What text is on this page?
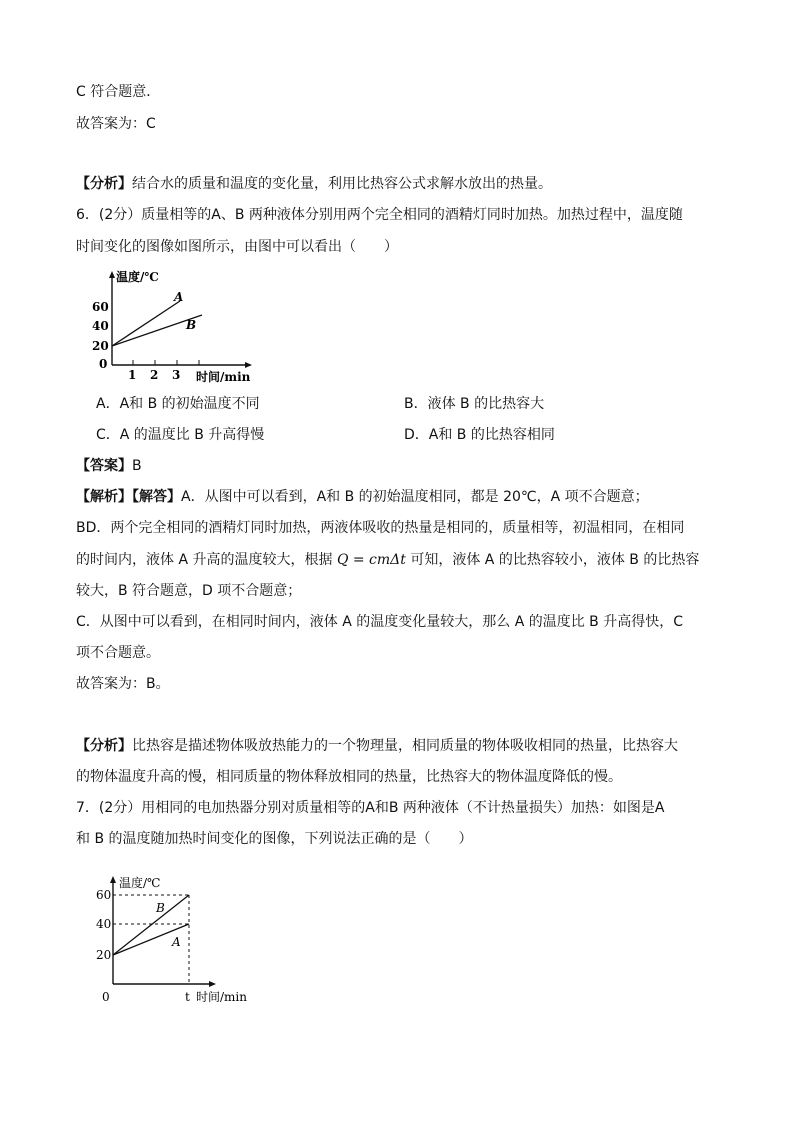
C 符合题意．
故答案为：C
【分析】结合水的质量和温度的变化量，利用比热容公式求解水放出的热量。
6．(2分）质量相等的A、B 两种液体分别用两个完全相同的酒精灯同时加热。加热过程中，温度随
时间变化的图像如图所示，由图中可以看出（　　）
温度/℃
60
40
20
0
1 2 3 时间/min
A
B
A．A和 B 的初始温度不同	B．液体 B 的比热容大
C．A 的温度比 B 升高得慢	D．A和 B 的比热容相同
【答案】B
【解析】【解答】A．从图中可以看到，A和 B 的初始温度相同，都是 20℃，A 项不合题意；
BD．两个完全相同的酒精灯同时加热，两液体吸收的热量是相同的，质量相等，初温相同，在相同
的时间内，液体 A 升高的温度较大，根据 Q = cmΔt 可知，液体 A 的比热容较小，液体 B 的比热容
较大，B 符合题意，D 项不合题意；
C．从图中可以看到，在相同时间内，液体 A 的温度变化量较大，那么 A 的温度比 B 升高得快，C
项不合题意。
故答案为：B。
【分析】比热容是描述物体吸放热能力的一个物理量，相同质量的物体吸收相同的热量，比热容大
的物体温度升高的慢，相同质量的物体释放相同的热量，比热容大的物体温度降低的慢。
7．(2分）用相同的电加热器分别对质量相等的A和B 两种液体（不计热量损失）加热：如图是A
和 B 的温度随加热时间变化的图像，下列说法正确的是（　　）
温度/℃
60
40
20
0	t 时间/min
B
A
